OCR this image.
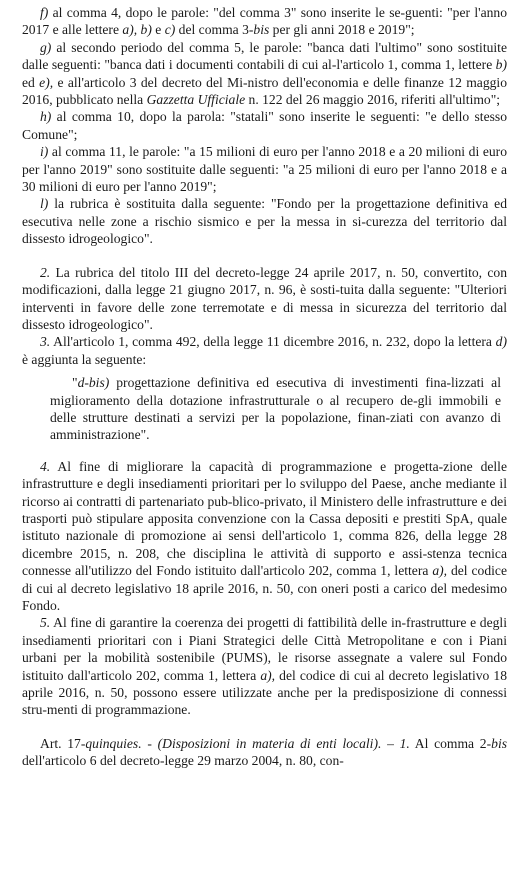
f) al comma 4, dopo le parole: "del comma 3" sono inserite le se-guenti: "per l'anno 2017 e alle lettere a), b) e c) del comma 3-bis per gli anni 2018 e 2019";

g) al secondo periodo del comma 5, le parole: "banca dati l'ultimo" sono sostituite dalle seguenti: "banca dati i documenti contabili di cui al-l'articolo 1, comma 1, lettere b) ed e), e all'articolo 3 del decreto del Mi-nistro dell'economia e delle finanze 12 maggio 2016, pubblicato nella Gazzetta Ufficiale n. 122 del 26 maggio 2016, riferiti all'ultimo";

h) al comma 10, dopo la parola: "statali" sono inserite le seguenti: "e dello stesso Comune";

i) al comma 11, le parole: "a 15 milioni di euro per l'anno 2018 e a 20 milioni di euro per l'anno 2019" sono sostituite dalle seguenti: "a 25 milioni di euro per l'anno 2018 e a 30 milioni di euro per l'anno 2019";

l) la rubrica è sostituita dalla seguente: "Fondo per la progettazione definitiva ed esecutiva nelle zone a rischio sismico e per la messa in si-curezza del territorio dal dissesto idrogeologico".

2. La rubrica del titolo III del decreto-legge 24 aprile 2017, n. 50, convertito, con modificazioni, dalla legge 21 giugno 2017, n. 96, è sosti-tuita dalla seguente: "Ulteriori interventi in favore delle zone terremotate e di messa in sicurezza del territorio dal dissesto idrogeologico".

3. All'articolo 1, comma 492, della legge 11 dicembre 2016, n. 232, dopo la lettera d) è aggiunta la seguente:

"d-bis) progettazione definitiva ed esecutiva di investimenti fina-lizzati al miglioramento della dotazione infrastrutturale o al recupero de-gli immobili e delle strutture destinati a servizi per la popolazione, finan-ziati con avanzo di amministrazione".

4. Al fine di migliorare la capacità di programmazione e progetta-zione delle infrastrutture e degli insediamenti prioritari per lo sviluppo del Paese, anche mediante il ricorso ai contratti di partenariato pub-blico-privato, il Ministero delle infrastrutture e dei trasporti può stipulare apposita convenzione con la Cassa depositi e prestiti SpA, quale istituto nazionale di promozione ai sensi dell'articolo 1, comma 826, della legge 28 dicembre 2015, n. 208, che disciplina le attività di supporto e assi-stenza tecnica connesse all'utilizzo del Fondo istituito dall'articolo 202, comma 1, lettera a), del codice di cui al decreto legislativo 18 aprile 2016, n. 50, con oneri posti a carico del medesimo Fondo.

5. Al fine di garantire la coerenza dei progetti di fattibilità delle in-frastrutture e degli insediamenti prioritari con i Piani Strategici delle Città Metropolitane e con i Piani urbani per la mobilità sostenibile (PUMS), le risorse assegnate a valere sul Fondo istituito dall'articolo 202, comma 1, lettera a), del codice di cui al decreto legislativo 18 aprile 2016, n. 50, possono essere utilizzate anche per la predisposizione di connessi stru-menti di programmazione.

Art. 17-quinquies. - (Disposizioni in materia di enti locali). – 1. Al comma 2-bis dell'articolo 6 del decreto-legge 29 marzo 2004, n. 80, con-
